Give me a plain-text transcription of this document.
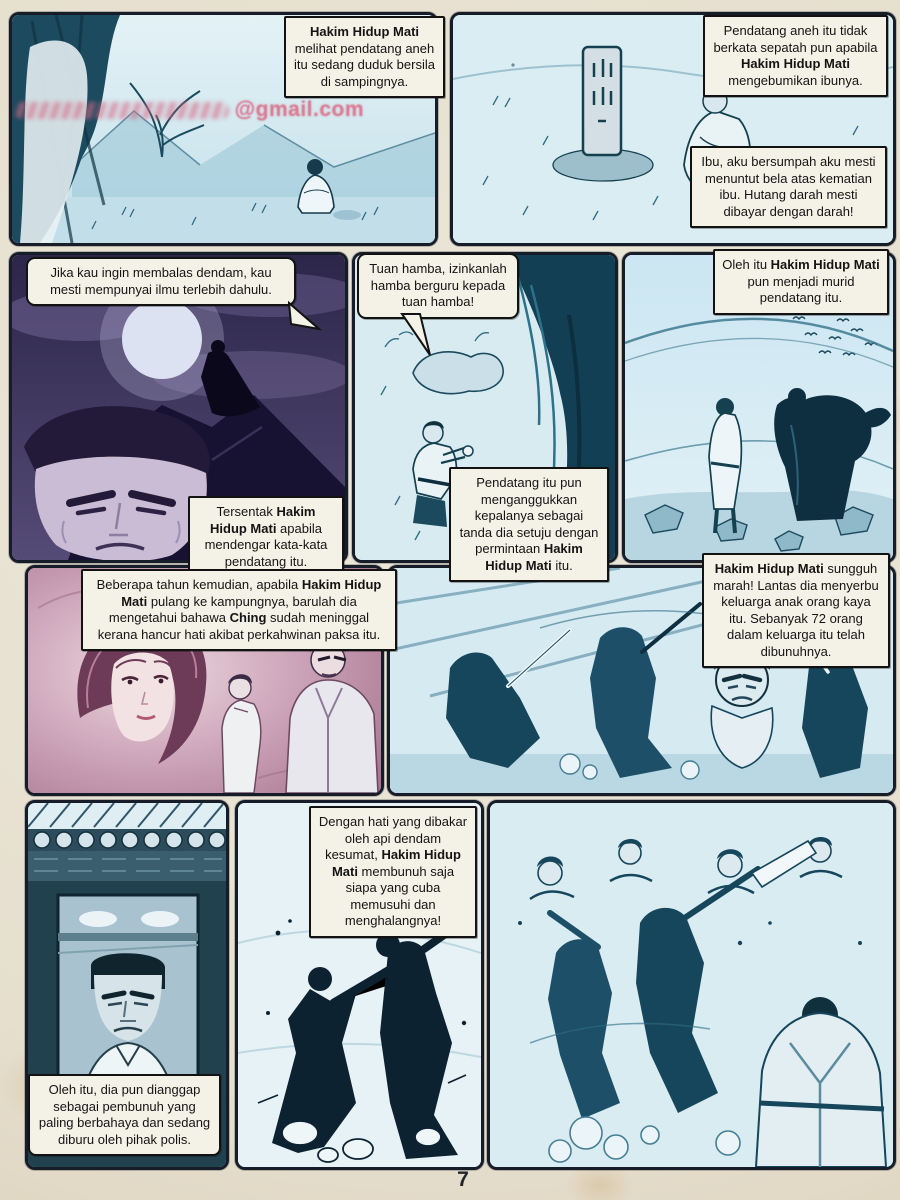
Hakim Hidup Mati melihat pendatang aneh itu sedang duduk bersila di sampingnya.
Pendatang aneh itu tidak berkata sepatah pun apabila Hakim Hidup Mati mengebumikan ibunya.
Ibu, aku bersumpah aku mesti menuntut bela atas kematian ibu. Hutang darah mesti dibayar dengan darah!
Jika kau ingin membalas dendam, kau mesti mempunyai ilmu terlebih dahulu.
Tersentak Hakim Hidup Mati apabila mendengar kata-kata pendatang itu.
Tuan hamba, izinkanlah hamba berguru kepada tuan hamba!
Pendatang itu pun menganggukkan kepalanya sebagai tanda dia setuju dengan permintaan Hakim Hidup Mati itu.
Oleh itu Hakim Hidup Mati pun menjadi murid pendatang itu.
Beberapa tahun kemudian, apabila Hakim Hidup Mati pulang ke kampungnya, barulah dia mengetahui bahawa Ching sudah meninggal kerana hancur hati akibat perkahwinan paksa itu.
Hakim Hidup Mati sungguh marah! Lantas dia menyerbu keluarga anak orang kaya itu. Sebanyak 72 orang dalam keluarga itu telah dibunuhnya.
Dengan hati yang dibakar oleh api dendam kesumat, Hakim Hidup Mati membunuh saja siapa yang cuba memusuhi dan menghalangnya!
Oleh itu, dia pun dianggap sebagai pembunuh yang paling berbahaya dan sedang diburu oleh pihak polis.
@gmail.com
7
